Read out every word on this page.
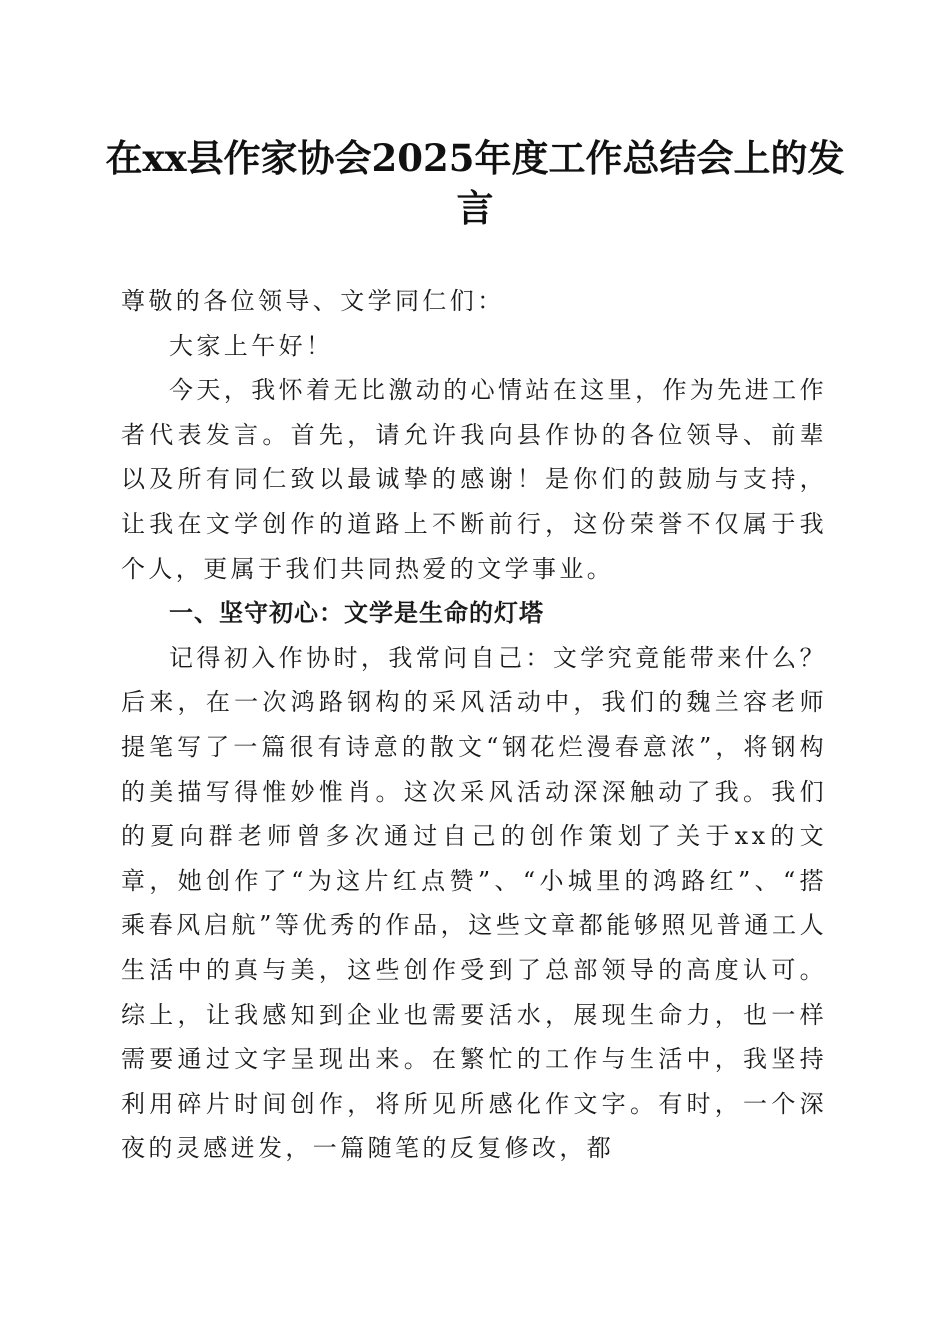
在xx县作家协会2025年度工作总结会上的发言

尊敬的各位领导、文学同仁们：

大家上午好！

今天，我怀着无比激动的心情站在这里，作为先进工作者代表发言。首先，请允许我向县作协的各位领导、前辈以及所有同仁致以最诚挚的感谢！是你们的鼓励与支持，让我在文学创作的道路上不断前行，这份荣誉不仅属于我个人，更属于我们共同热爱的文学事业。

一、坚守初心：文学是生命的灯塔

记得初入作协时，我常问自己：文学究竟能带来什么？后来，在一次鸿路钢构的采风活动中，我们的魏兰容老师提笔写了一篇很有诗意的散文“钢花烂漫春意浓”，将钢构的美描写得惟妙惟肖。这次采风活动深深触动了我。我们的夏向群老师曾多次通过自己的创作策划了关于xx的文章，她创作了“为这片红点赞”、“小城里的鸿路红”、“搭乘春风启航”等优秀的作品，这些文章都能够照见普通工人生活中的真与美，这些创作受到了总部领导的高度认可。综上，让我感知到企业也需要活水，展现生命力，也一样需要通过文字呈现出来。在繁忙的工作与生活中，我坚持利用碎片时间创作，将所见所感化作文字。有时，一个深夜的灵感迸发，一篇随笔的反复修改，都
